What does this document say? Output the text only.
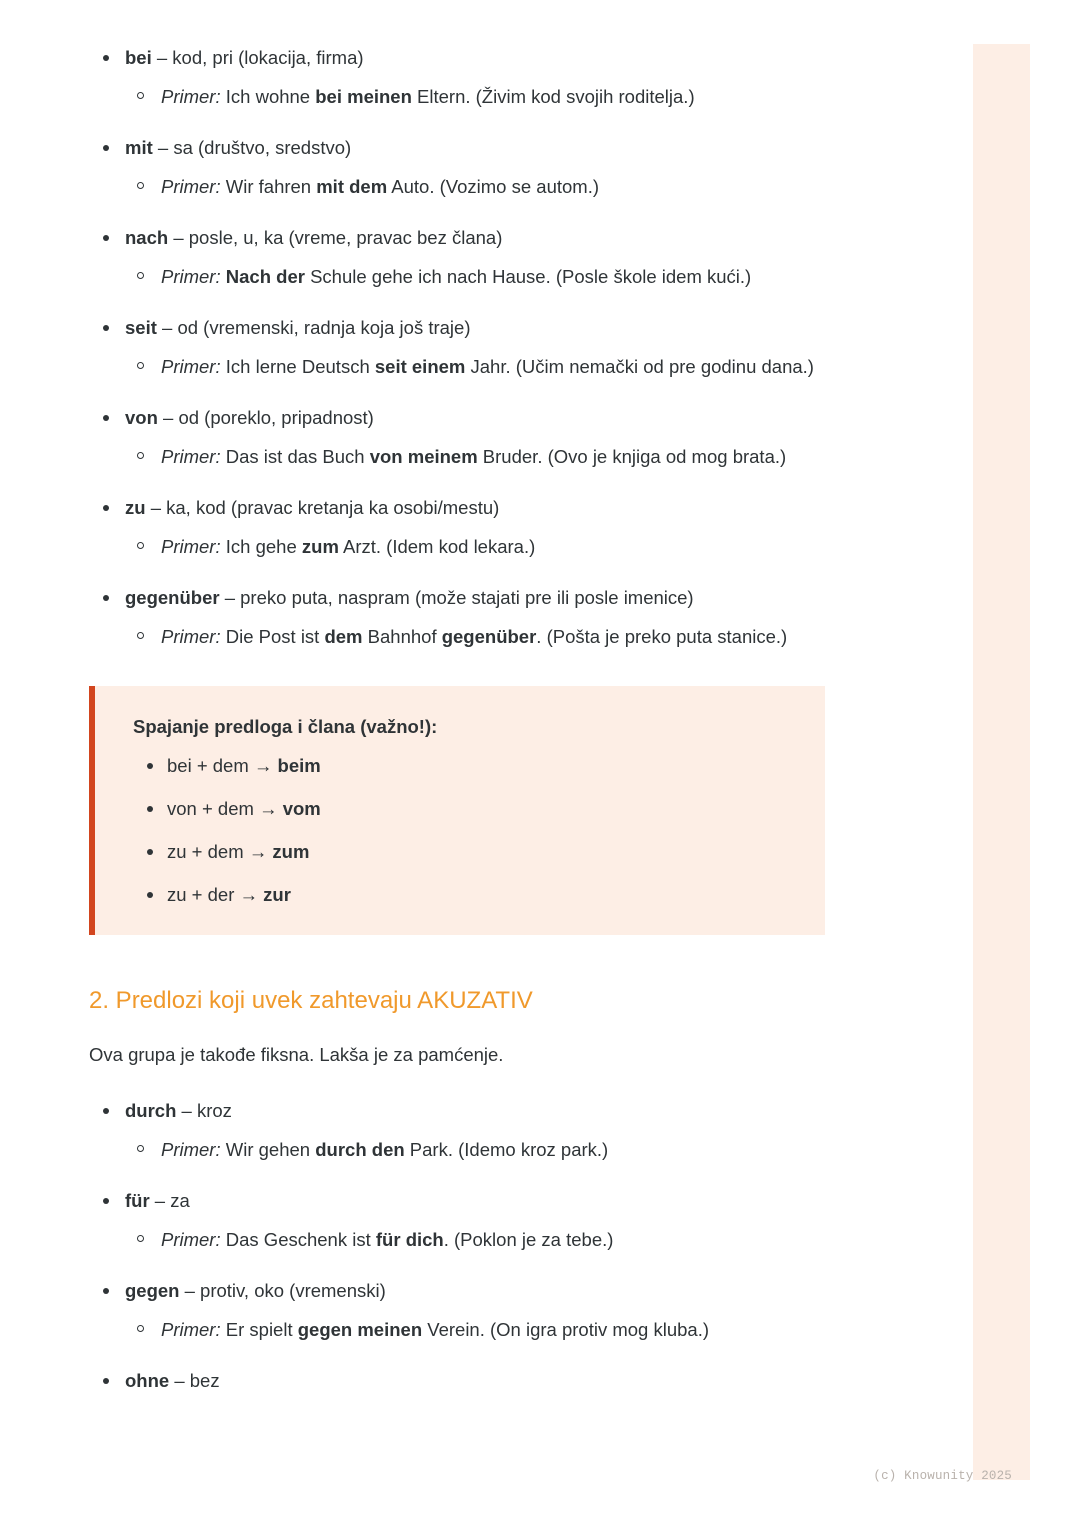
bei – kod, pri (lokacija, firma)
Primer: Ich wohne bei meinen Eltern. (Živim kod svojih roditelja.)
mit – sa (društvo, sredstvo)
Primer: Wir fahren mit dem Auto. (Vozimo se autom.)
nach – posle, u, ka (vreme, pravac bez člana)
Primer: Nach der Schule gehe ich nach Hause. (Posle škole idem kući.)
seit – od (vremenski, radnja koja još traje)
Primer: Ich lerne Deutsch seit einem Jahr. (Učim nemački od pre godinu dana.)
von – od (poreklo, pripadnost)
Primer: Das ist das Buch von meinem Bruder. (Ovo je knjiga od mog brata.)
zu – ka, kod (pravac kretanja ka osobi/mestu)
Primer: Ich gehe zum Arzt. (Idem kod lekara.)
gegenüber – preko puta, naspram (može stajati pre ili posle imenice)
Primer: Die Post ist dem Bahnhof gegenüber. (Pošta je preko puta stanice.)
Spajanje predloga i člana (važno!):
bei + dem → beim
von + dem → vom
zu + dem → zum
zu + der → zur
2. Predlozi koji uvek zahtevaju AKUZATIV

Ova grupa je takođe fiksna. Lakša je za pamćenje.

durch – kroz
Primer: Wir gehen durch den Park. (Idemo kroz park.)
für – za
Primer: Das Geschenk ist für dich. (Poklon je za tebe.)
gegen – protiv, oko (vremenski)
Primer: Er spielt gegen meinen Verein. (On igra protiv mog kluba.)
ohne – bez
(c) Knowunity 2025
